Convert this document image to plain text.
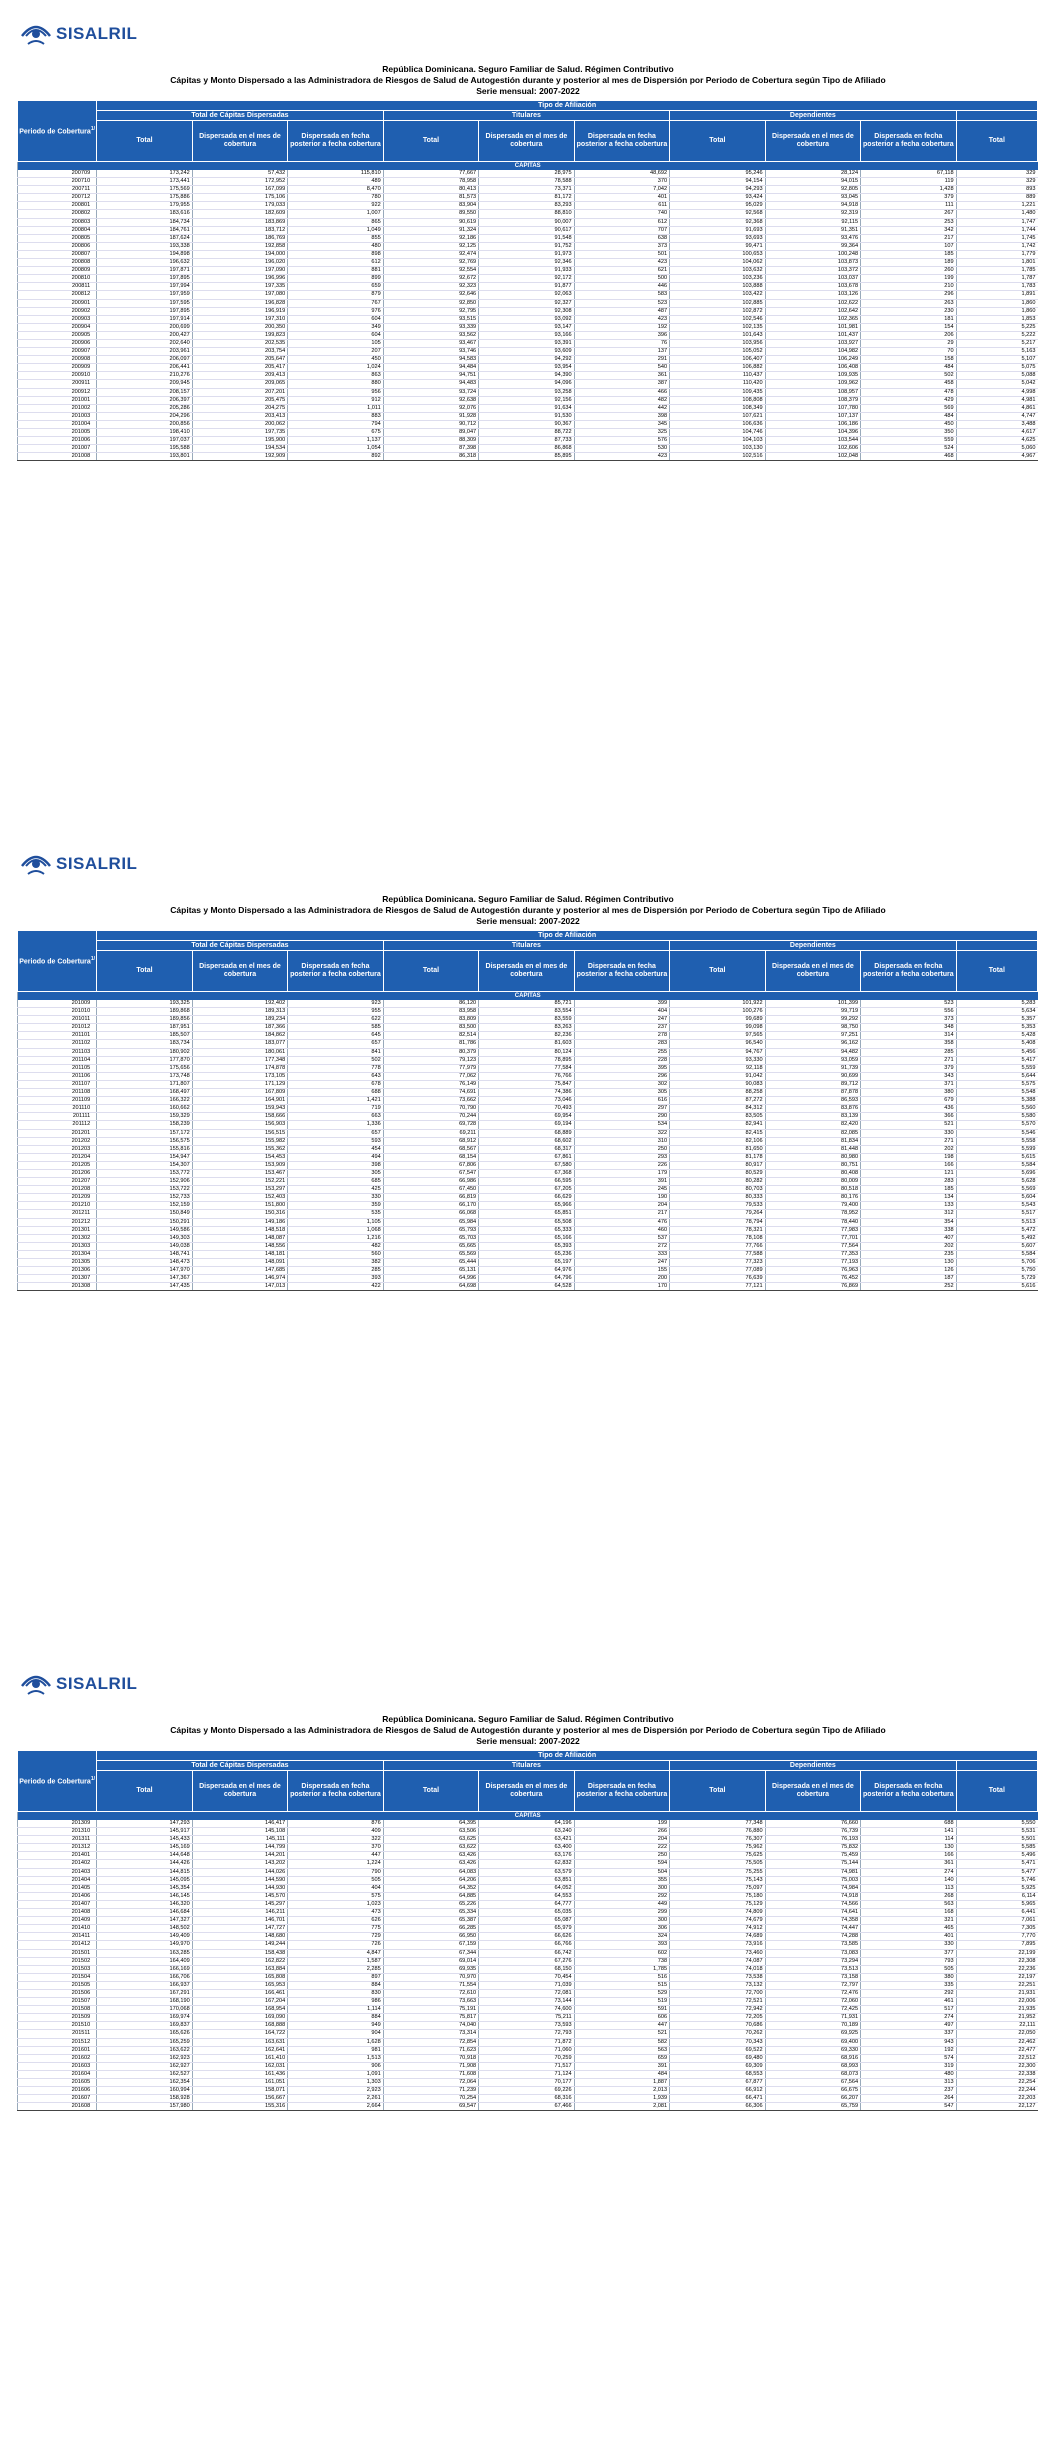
SISALRIL
República Dominicana. Seguro Familiar de Salud. Régimen Contributivo
Cápitas y Monto Dispersado a las Administradora de Riesgos de Salud de Autogestión durante y posterior al mes de Dispersión por Periodo de Cobertura según Tipo de Afiliado
Serie mensual: 2007-2022
Periodo de Cobertura$^{1/}$	Tipo de Afiliación									
	Total de Cápitas Dispersadas			Titulares			Dependientes			
	Total	Dispersada en el mes de cobertura	Dispersada en fecha posterior a fecha cobertura	Total	Dispersada en el mes de cobertura	Dispersada en fecha posterior a fecha cobertura	Total	Dispersada en el mes de cobertura	Dispersada en fecha posterior a fecha cobertura	Total
CÁPITAS										
200709	173,242	57,432	115,810	77,667	28,975	48,692	95,246	28,124	67,118	329
200710	173,441	172,952	489	78,958	78,588	370	94,154	94,015	119	329
200711	175,569	167,099	8,470	80,413	73,371	7,042	94,293	92,805	1,428	893
200712	175,886	175,106	780	81,573	81,172	401	93,424	93,045	379	889
200801	179,955	179,033	922	83,904	83,293	611	95,029	94,918	111	1,221
200802	183,616	182,609	1,007	89,550	88,810	740	92,568	92,319	267	1,480
200803	184,734	183,869	865	90,619	90,007	612	92,368	92,115	253	1,747
200804	184,761	183,712	1,049	91,324	90,617	707	91,693	91,351	342	1,744
200805	187,624	186,769	855	92,186	91,548	638	93,693	93,476	217	1,745
200806	193,338	192,858	480	92,125	91,752	373	99,471	99,364	107	1,742
200807	194,898	194,000	898	92,474	91,973	501	100,653	100,248	185	1,779
200808	196,632	196,020	612	92,769	92,346	423	104,062	103,873	189	1,801
200809	197,871	197,090	881	92,554	91,933	621	103,632	103,372	260	1,785
200810	197,895	196,996	899	92,672	92,172	500	103,236	103,037	199	1,787
200811	197,994	197,335	659	92,323	91,877	446	103,888	103,678	210	1,783
200812	197,959	197,080	879	92,646	92,063	583	103,422	103,126	296	1,891
200901	197,595	196,828	767	92,850	92,327	523	102,885	102,622	263	1,860
200902	197,895	196,919	976	92,795	92,308	487	102,872	102,642	230	1,860
200903	197,914	197,310	604	93,515	93,092	423	102,546	102,365	181	1,853
200904	200,699	200,350	349	93,339	93,147	192	102,135	101,981	154	5,225
200905	200,427	199,823	604	93,562	93,166	396	101,643	101,437	206	5,222
200906	202,640	202,535	105	93,467	93,391	76	103,956	103,927	29	5,217
200907	203,961	203,754	207	93,746	93,609	137	105,052	104,982	70	5,163
200908	206,097	205,647	450	94,583	94,292	291	106,407	106,249	158	5,107
200909	206,441	205,417	1,024	94,484	93,954	540	106,882	106,408	484	5,075
200910	210,276	209,413	863	94,751	94,390	361	110,437	109,935	502	5,088
200911	209,945	209,065	880	94,483	94,096	387	110,420	109,962	458	5,042
200912	208,157	207,201	956	93,724	93,258	466	109,435	108,957	478	4,998
201001	206,397	205,475	912	92,638	92,156	482	108,808	108,379	429	4,981
201002	205,286	204,275	1,011	92,076	91,634	442	108,349	107,780	569	4,861
201003	204,296	203,413	883	91,928	91,530	398	107,621	107,137	484	4,747
201004	200,856	200,062	794	90,712	90,367	345	106,636	106,186	450	3,488
201005	198,410	197,735	675	89,047	88,722	325	104,746	104,396	350	4,617
201006	197,037	195,900	1,137	88,309	87,733	576	104,103	103,544	559	4,625
201007	195,588	194,534	1,054	87,398	86,868	530	103,130	102,606	524	5,060
201008	193,801	192,909	892	86,318	85,895	423	102,516	102,048	468	4,967
SISALRIL
República Dominicana. Seguro Familiar de Salud. Régimen Contributivo
Cápitas y Monto Dispersado a las Administradora de Riesgos de Salud de Autogestión durante y posterior al mes de Dispersión por Periodo de Cobertura según Tipo de Afiliado
Serie mensual: 2007-2022
Periodo de Cobertura$^{1/}$	Tipo de Afiliación									
	Total de Cápitas Dispersadas			Titulares			Dependientes			
	Total	Dispersada en el mes de cobertura	Dispersada en fecha posterior a fecha cobertura	Total	Dispersada en el mes de cobertura	Dispersada en fecha posterior a fecha cobertura	Total	Dispersada en el mes de cobertura	Dispersada en fecha posterior a fecha cobertura	Total
CÁPITAS										
201009	193,325	192,402	923	86,120	85,721	399	101,922	101,399	523	5,283
201010	189,868	189,313	955	83,958	83,554	404	100,276	99,719	556	5,634
201011	189,856	189,234	622	83,809	83,559	247	99,689	99,292	373	5,357
201012	187,951	187,366	585	83,500	83,263	237	99,098	98,750	348	5,353
201101	185,507	184,862	645	82,514	82,236	278	97,565	97,251	314	5,428
201102	183,734	183,077	657	81,786	81,603	283	96,540	96,162	358	5,408
201103	180,902	180,061	841	80,379	80,124	255	94,767	94,482	285	5,456
201104	177,870	177,348	502	79,123	78,895	228	93,330	93,059	271	5,417
201105	175,656	174,878	778	77,979	77,584	395	92,118	91,739	379	5,559
201106	173,748	173,105	643	77,062	76,766	296	91,042	90,699	343	5,644
201107	171,807	171,129	678	76,149	75,847	302	90,083	89,712	371	5,575
201108	168,497	167,809	688	74,691	74,386	305	88,258	87,878	380	5,548
201109	166,322	164,901	1,421	73,662	73,046	616	87,272	86,593	679	5,388
201110	160,662	159,943	719	70,790	70,493	297	84,312	83,876	436	5,560
201111	159,329	158,666	663	70,244	69,954	290	83,505	83,139	366	5,580
201112	158,239	156,903	1,336	69,728	69,194	534	82,941	82,420	521	5,570
201201	157,172	156,515	657	69,211	68,889	322	82,415	82,085	330	5,546
201202	156,575	155,982	593	68,912	68,602	310	82,106	81,834	271	5,558
201203	155,816	155,362	454	68,567	68,317	250	81,650	81,448	202	5,599
201204	154,947	154,453	494	68,154	67,861	293	81,178	80,980	198	5,615
201205	154,307	153,909	398	67,806	67,580	226	80,917	80,751	166	5,584
201206	153,772	153,467	305	67,547	67,368	179	80,529	80,408	121	5,696
201207	152,906	152,221	685	66,986	66,595	391	80,282	80,009	283	5,628
201208	153,722	153,297	425	67,450	67,205	245	80,703	80,518	185	5,569
201209	152,733	152,403	330	66,819	66,629	190	80,333	80,176	134	5,604
201210	152,159	151,800	359	66,170	65,966	204	79,533	79,400	133	5,543
201211	150,849	150,316	535	66,068	65,851	217	79,264	78,952	312	5,517
201212	150,291	149,186	1,105	65,984	65,508	476	78,794	78,440	354	5,513
201301	149,586	148,518	1,068	65,793	65,333	460	78,321	77,983	338	5,472
201302	149,303	148,087	1,216	65,703	65,166	537	78,108	77,701	407	5,492
201303	149,038	148,556	482	65,665	65,393	272	77,766	77,564	202	5,607
201304	148,741	148,181	560	65,569	65,236	333	77,588	77,353	235	5,584
201305	148,473	148,091	382	65,444	65,197	247	77,323	77,193	130	5,706
201306	147,970	147,685	285	65,131	64,976	155	77,089	76,963	126	5,750
201307	147,367	146,974	393	64,996	64,796	200	76,639	76,452	187	5,729
201308	147,435	147,013	422	64,698	64,528	170	77,121	76,869	252	5,616
SISALRIL
República Dominicana. Seguro Familiar de Salud. Régimen Contributivo
Cápitas y Monto Dispersado a las Administradora de Riesgos de Salud de Autogestión durante y posterior al mes de Dispersión por Periodo de Cobertura según Tipo de Afiliado
Serie mensual: 2007-2022
Periodo de Cobertura$^{1/}$	Tipo de Afiliación									
	Total de Cápitas Dispersadas			Titulares			Dependientes			
	Total	Dispersada en el mes de cobertura	Dispersada en fecha posterior a fecha cobertura	Total	Dispersada en el mes de cobertura	Dispersada en fecha posterior a fecha cobertura	Total	Dispersada en el mes de cobertura	Dispersada en fecha posterior a fecha cobertura	Total
CÁPITAS										
201309	147,293	146,417	876	64,395	64,196	199	77,348	76,660	688	5,550
201310	145,917	145,108	409	63,506	63,240	266	76,880	76,739	141	5,531
201311	145,433	145,111	322	63,625	63,421	204	76,307	76,193	114	5,501
201312	145,169	144,799	370	63,622	63,400	222	75,962	75,832	130	5,585
201401	144,648	144,201	447	63,426	63,176	250	75,625	75,459	166	5,496
201402	144,426	143,202	1,224	63,426	62,832	594	75,505	75,144	361	5,471
201403	144,815	144,026	790	64,083	63,579	504	75,255	74,981	274	5,477
201404	145,095	144,590	505	64,206	63,851	355	75,143	75,003	140	5,746
201405	145,354	144,930	404	64,352	64,052	300	75,097	74,984	113	5,925
201406	146,145	145,570	575	64,885	64,553	292	75,180	74,918	268	6,114
201407	146,320	145,297	1,023	65,226	64,777	449	75,129	74,566	563	5,965
201408	146,684	146,211	473	65,334	65,035	299	74,809	74,641	168	6,441
201409	147,327	146,701	626	65,387	65,087	300	74,679	74,358	321	7,061
201410	148,502	147,727	775	66,285	65,979	306	74,912	74,447	465	7,305
201411	149,409	148,680	729	66,950	66,626	324	74,689	74,288	401	7,770
201412	149,970	149,244	726	67,159	66,766	393	73,916	73,585	330	7,895
201501	163,285	158,438	4,847	67,344	66,742	602	73,460	73,083	377	22,199
201502	164,409	162,822	1,587	69,014	67,276	738	74,087	73,294	793	22,308
201503	166,169	163,884	2,285	69,935	68,150	1,785	74,018	73,513	505	22,236
201504	166,706	165,808	897	70,970	70,454	516	73,538	73,158	380	22,197
201505	166,937	165,953	884	71,554	71,039	515	73,132	72,797	335	22,251
201506	167,291	166,461	830	72,610	72,081	529	72,700	72,476	292	21,931
201507	168,190	167,204	986	73,663	73,144	519	72,521	72,060	461	22,006
201508	170,068	168,954	1,114	75,191	74,600	591	72,942	72,425	517	21,935
201509	169,974	169,090	884	75,817	75,211	606	72,205	71,931	274	21,952
201510	169,837	168,888	949	74,040	73,593	447	70,686	70,189	497	22,111
201511	165,626	164,722	904	73,314	72,793	521	70,262	69,925	337	22,050
201512	165,259	163,631	1,628	72,854	71,872	582	70,343	69,400	943	22,462
201601	163,622	162,641	981	71,623	71,060	563	69,522	69,330	192	22,477
201602	162,923	161,410	1,513	70,918	70,259	659	69,480	68,916	574	22,512
201603	162,927	162,031	906	71,908	71,517	391	69,309	68,993	319	22,300
201604	162,527	161,436	1,091	71,608	71,124	484	68,553	68,073	480	22,338
201605	162,354	161,051	1,303	72,064	70,177	1,887	67,877	67,564	313	22,254
201606	160,994	158,071	2,923	71,239	69,226	2,013	66,912	66,675	237	22,244
201607	158,928	156,667	2,261	70,254	68,316	1,939	66,471	66,207	264	22,203
201608	157,980	155,316	2,664	69,547	67,466	2,081	66,306	65,759	547	22,127
